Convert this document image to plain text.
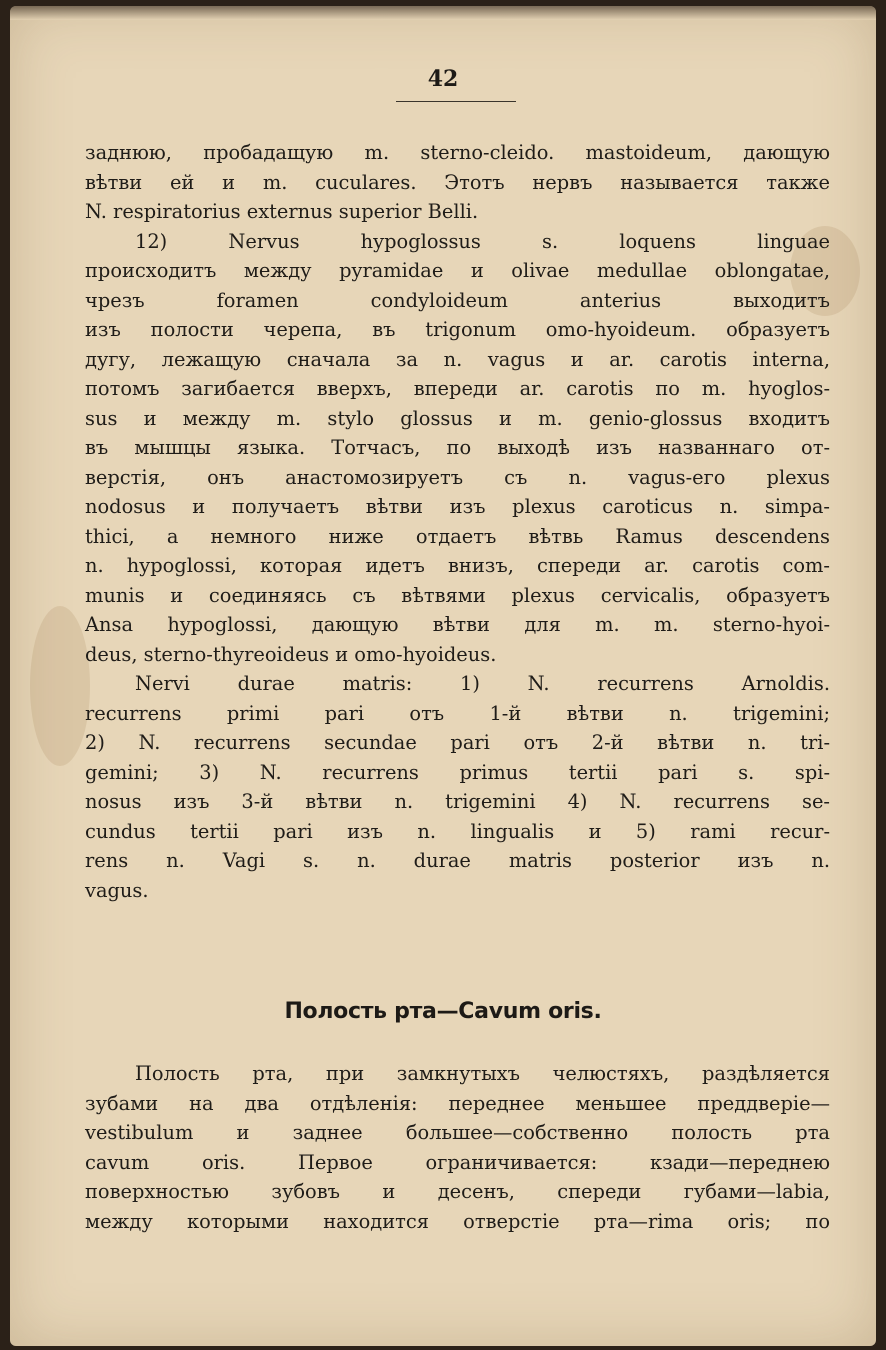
42
заднюю, пробадащую m. sterno-cleido. mastoideum, дающую
вѣтви ей и m. cuculares. Этотъ нервъ называется также
N. respiratorius externus superior Belli.
12) Nervus hypoglossus s. loquens linguae
происходитъ между pyramidae и olivae medullae oblongatae,
чрезъ foramen condyloideum anterius выходитъ
изъ полости черепа, въ trigonum omo-hyoideum. образуетъ
дугу, лежащую сначала за n. vagus и ar. carotis interna,
потомъ загибается вверхъ, впереди ar. carotis по m. hyoglos-
sus и между m. stylo glossus и m. genio-glossus входитъ
въ мышцы языка. Тотчасъ, по выходѣ изъ названнаго от-
верстія, онъ анастомозируетъ съ n. vagus-его plexus
nodosus и получаетъ вѣтви изъ plexus caroticus n. simpa-
thici, а немного ниже отдаетъ вѣтвь Ramus descendens
n. hypoglossi, которая идетъ внизъ, спереди ar. carotis com-
munis и соединяясь съ вѣтвями plexus cervicalis, образуетъ
Ansa hypoglossi, дающую вѣтви для m. m. sterno-hyoi-
deus, sterno-thyreoideus и omo-hyoideus.
Nervi durae matris: 1) N. recurrens Arnoldis.
recurrens primi pari отъ 1-й вѣтви n. trigemini;
2) N. recurrens secundae pari отъ 2-й вѣтви n. tri-
gemini; 3) N. recurrens primus tertii pari s. spi-
nosus изъ 3-й вѣтви n. trigemini 4) N. recurrens se-
cundus tertii pari изъ n. lingualis и 5) rami recur-
rens n. Vagi s. n. durae matris posterior изъ n.
vagus.
Полость рта—Cavum oris.
Полость рта, при замкнутыхъ челюстяхъ, раздѣляется
зубами на два отдѣленія: переднее меньшее преддверіе—
vestibulum и заднее большее—собственно полость рта
cavum oris. Первое ограничивается: кзади—переднею
поверхностью зубовъ и десенъ, спереди губами—labia,
между которыми находится отверстіе рта—rima oris; по
